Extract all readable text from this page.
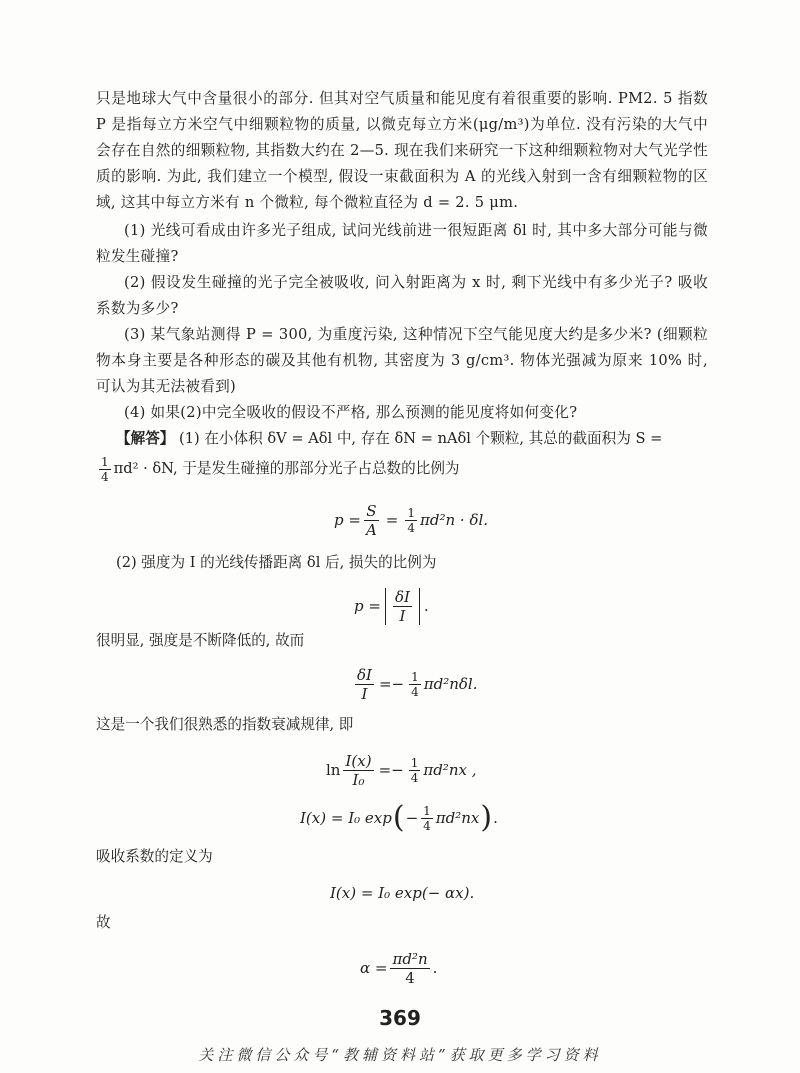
只是地球大气中含量很小的部分. 但其对空气质量和能见度有着很重要的影响. PM2. 5 指数 P 是指每立方米空气中细颗粒物的质量, 以微克每立方米(μg/m³)为单位. 没有污染的大气中会存在自然的细颗粒物, 其指数大约在 2—5. 现在我们来研究一下这种细颗粒物对大气光学性质的影响. 为此, 我们建立一个模型, 假设一束截面积为 A 的光线入射到一含有细颗粒物的区域, 这其中每立方米有 n 个微粒, 每个微粒直径为 d = 2. 5 μm.
(1) 光线可看成由许多光子组成, 试问光线前进一很短距离 δl 时, 其中多大部分可能与微粒发生碰撞?
(2) 假设发生碰撞的光子完全被吸收, 问入射距离为 x 时, 剩下光线中有多少光子? 吸收系数为多少?
(3) 某气象站测得 P = 300, 为重度污染, 这种情况下空气能见度大约是多少米? (细颗粒物本身主要是各种形态的碳及其他有机物, 其密度为 3 g/cm³. 物体光强减为原来 10% 时, 可认为其无法被看到)
(4) 如果(2)中完全吸收的假设不严格, 那么预测的能见度将如何变化?
【解答】 (1) 在小体积 δV = Aδl 中, 存在 δN = nAδl 个颗粒, 其总的截面积为 S =
$\frac{1}{4} \pi d^2 \cdot \delta N$, 于是发生碰撞的那部分光子占总数的比例为
$p = \frac{S}{A} = \frac{1}{4} \pi d^2n \cdot \delta l$.
(2) 强度为 I 的光线传播距离 δl 后, 损失的比例为
$p = \frac{\delta I}{I}$ .
很明显, 强度是不断降低的, 故而
$\frac{\delta I}{I} =- \frac{1}{4} \pi d^2n\delta l$.
这是一个我们很熟悉的指数衰减规律, 即
$\ln \frac{I(x)}{\text{I₀}} =- \frac{1}{4} \pi d^2nx$ ,
I(x) = I₀ exp ( − $\frac{1}{4} \pi d^2nx$ ) .
吸收系数的定义为
I(x) = I₀ exp(− αx).
故
$\alpha = \frac{\text{πd²n}}{4}$ .
369
关注微信公众号“教辅资料站”获取更多学习资料
